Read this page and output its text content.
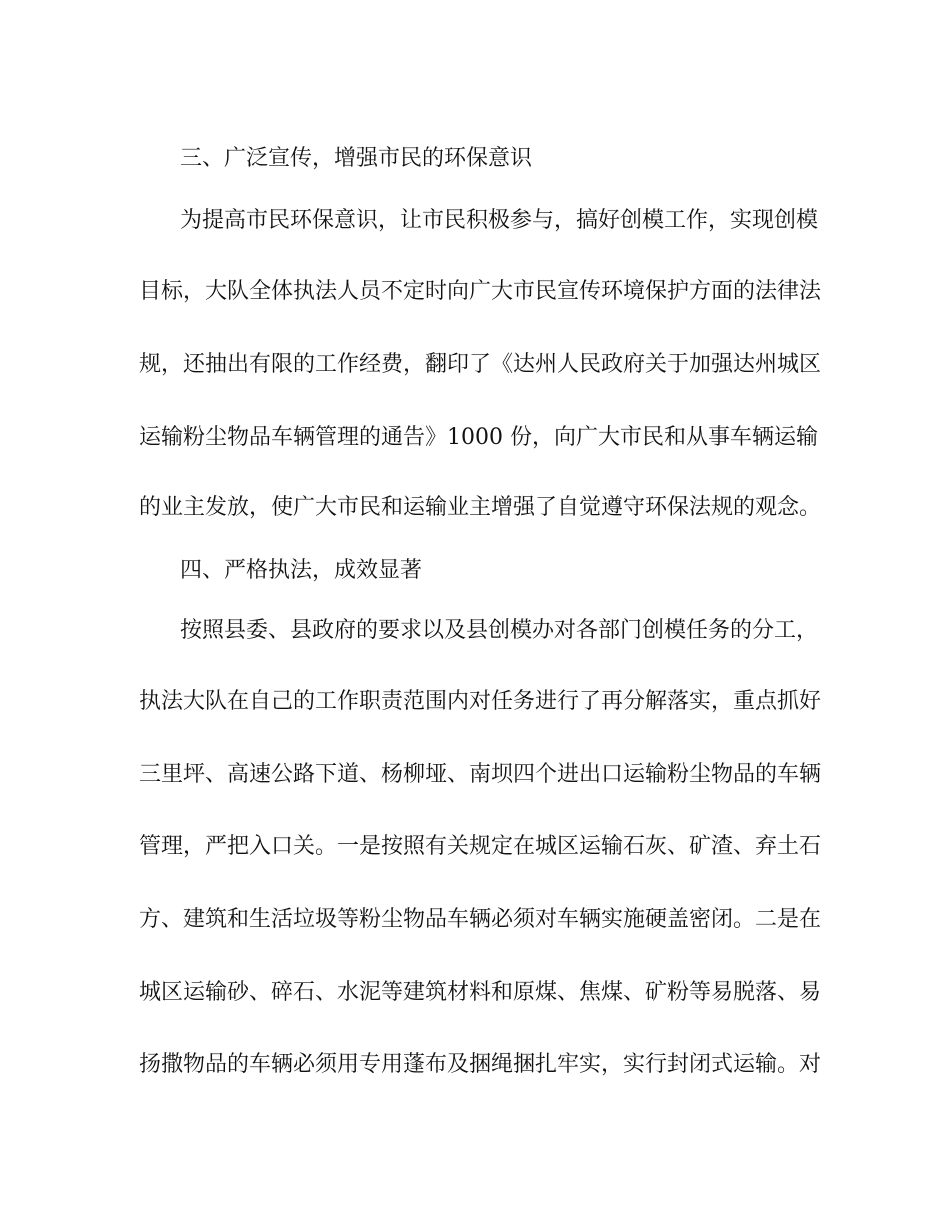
三、广泛宣传，增强市民的环保意识

为提高市民环保意识，让市民积极参与，搞好创模工作，实现创模

目标，大队全体执法人员不定时向广大市民宣传环境保护方面的法律法

规，还抽出有限的工作经费，翻印了《达州人民政府关于加强达州城区

运输粉尘物品车辆管理的通告》1000 份，向广大市民和从事车辆运输

的业主发放，使广大市民和运输业主增强了自觉遵守环保法规的观念。

四、严格执法，成效显著

按照县委、县政府的要求以及县创模办对各部门创模任务的分工，

执法大队在自己的工作职责范围内对任务进行了再分解落实，重点抓好

三里坪、高速公路下道、杨柳垭、南坝四个进出口运输粉尘物品的车辆

管理，严把入口关。一是按照有关规定在城区运输石灰、矿渣、弃土石

方、建筑和生活垃圾等粉尘物品车辆必须对车辆实施硬盖密闭。二是在

城区运输砂、碎石、水泥等建筑材料和原煤、焦煤、矿粉等易脱落、易

扬撒物品的车辆必须用专用蓬布及捆绳捆扎牢实，实行封闭式运输。对
